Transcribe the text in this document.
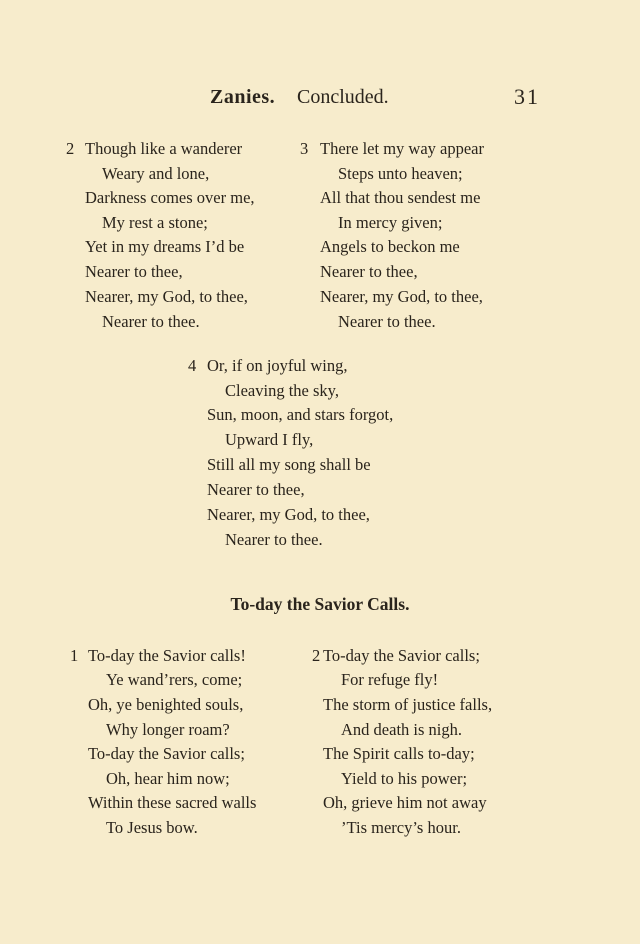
Zanies. Concluded.	31
2 Though like a wanderer
Weary and lone,
Darkness comes over me,
My rest a stone;
Yet in my dreams I’d be
Nearer to thee,
Nearer, my God, to thee,
Nearer to thee.
3 There let my way appear
Steps unto heaven;
All that thou sendest me
In mercy given;
Angels to beckon me
Nearer to thee,
Nearer, my God, to thee,
Nearer to thee.
4 Or, if on joyful wing,
Cleaving the sky,
Sun, moon, and stars forgot,
Upward I fly,
Still all my song shall be
Nearer to thee,
Nearer, my God, to thee,
Nearer to thee.
To-day the Savior Calls.
1 To-day the Savior calls!
Ye wand’rers, come;
Oh, ye benighted souls,
Why longer roam?
To-day the Savior calls;
Oh, hear him now;
Within these sacred walls
To Jesus bow.
2 To-day the Savior calls;
For refuge fly!
The storm of justice falls,
And death is nigh.
The Spirit calls to-day;
Yield to his power;
Oh, grieve him not away
’Tis mercy’s hour.
